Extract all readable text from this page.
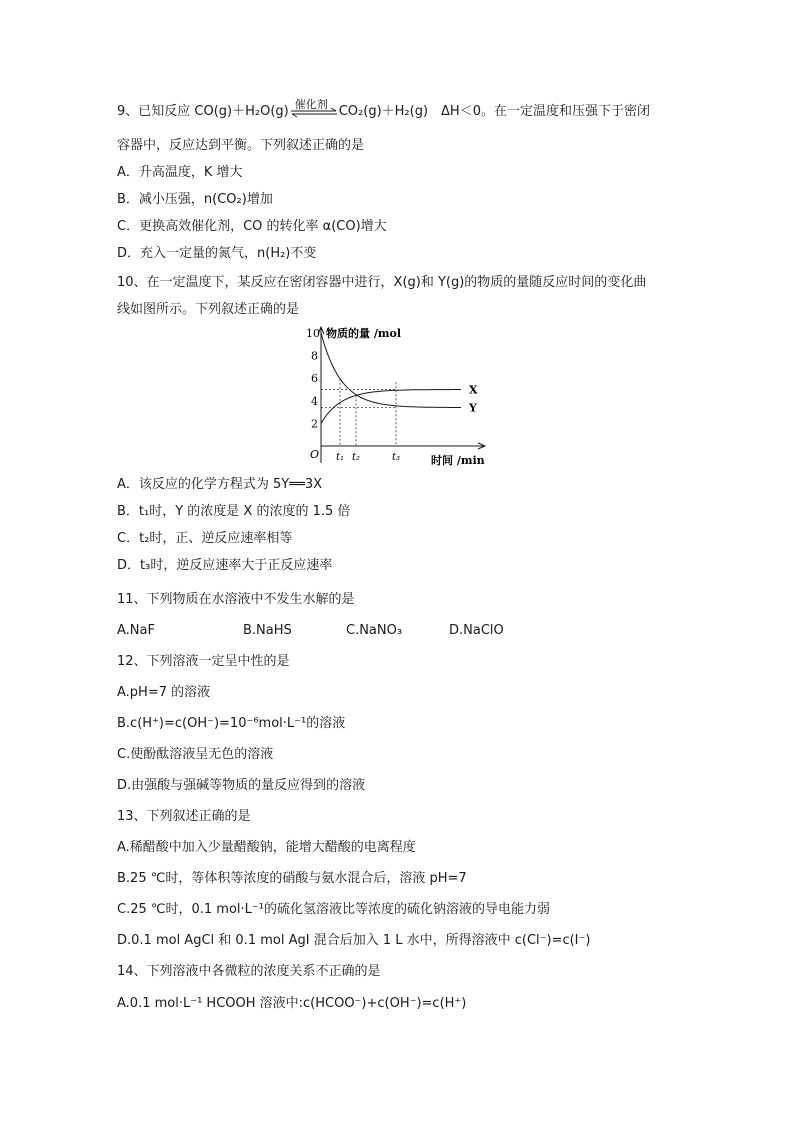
9、已知反应 CO(g)＋H₂O(g) 催化剂 CO₂(g)＋H₂(g)　ΔH＜0。在一定温度和压强下于密闭
容器中，反应达到平衡。下列叙述正确的是
A．升高温度，K 增大
B．减小压强，n(CO₂)增加
C．更换高效催化剂，CO 的转化率 α(CO)增大
D．充入一定量的氮气，n(H₂)不变
10、在一定温度下，某反应在密闭容器中进行，X(g)和 Y(g)的物质的量随反应时间的变化曲
线如图所示。下列叙述正确的是
物质的量 /mol
时间 /min
O
2
4
6
8
10
t₁ t₂	t₃
X
Y
A．该反应的化学方程式为 5Y══3X
B．t₁时，Y 的浓度是 X 的浓度的 1.5 倍
C．t₂时，正、逆反应速率相等
D．t₃时，逆反应速率大于正反应速率
11、下列物质在水溶液中不发生水解的是
A.NaF	B.NaHS	C.NaNO₃	D.NaClO
12、下列溶液一定呈中性的是
A.pH=7 的溶液
B.c(H⁺)=c(OH⁻)=10⁻⁶mol·L⁻¹的溶液
C.使酚酞溶液呈无色的溶液
D.由强酸与强碱等物质的量反应得到的溶液
13、下列叙述正确的是
A.稀醋酸中加入少量醋酸钠，能增大醋酸的电离程度
B.25 ℃时，等体积等浓度的硝酸与氨水混合后，溶液 pH=7
C.25 ℃时，0.1 mol·L⁻¹的硫化氢溶液比等浓度的硫化钠溶液的导电能力弱
D.0.1 mol AgCl 和 0.1 mol AgI 混合后加入 1 L 水中，所得溶液中 c(Cl⁻)=c(I⁻)
14、下列溶液中各微粒的浓度关系不正确的是
A.0.1 mol·L⁻¹ HCOOH 溶液中:c(HCOO⁻)+c(OH⁻)=c(H⁺)
